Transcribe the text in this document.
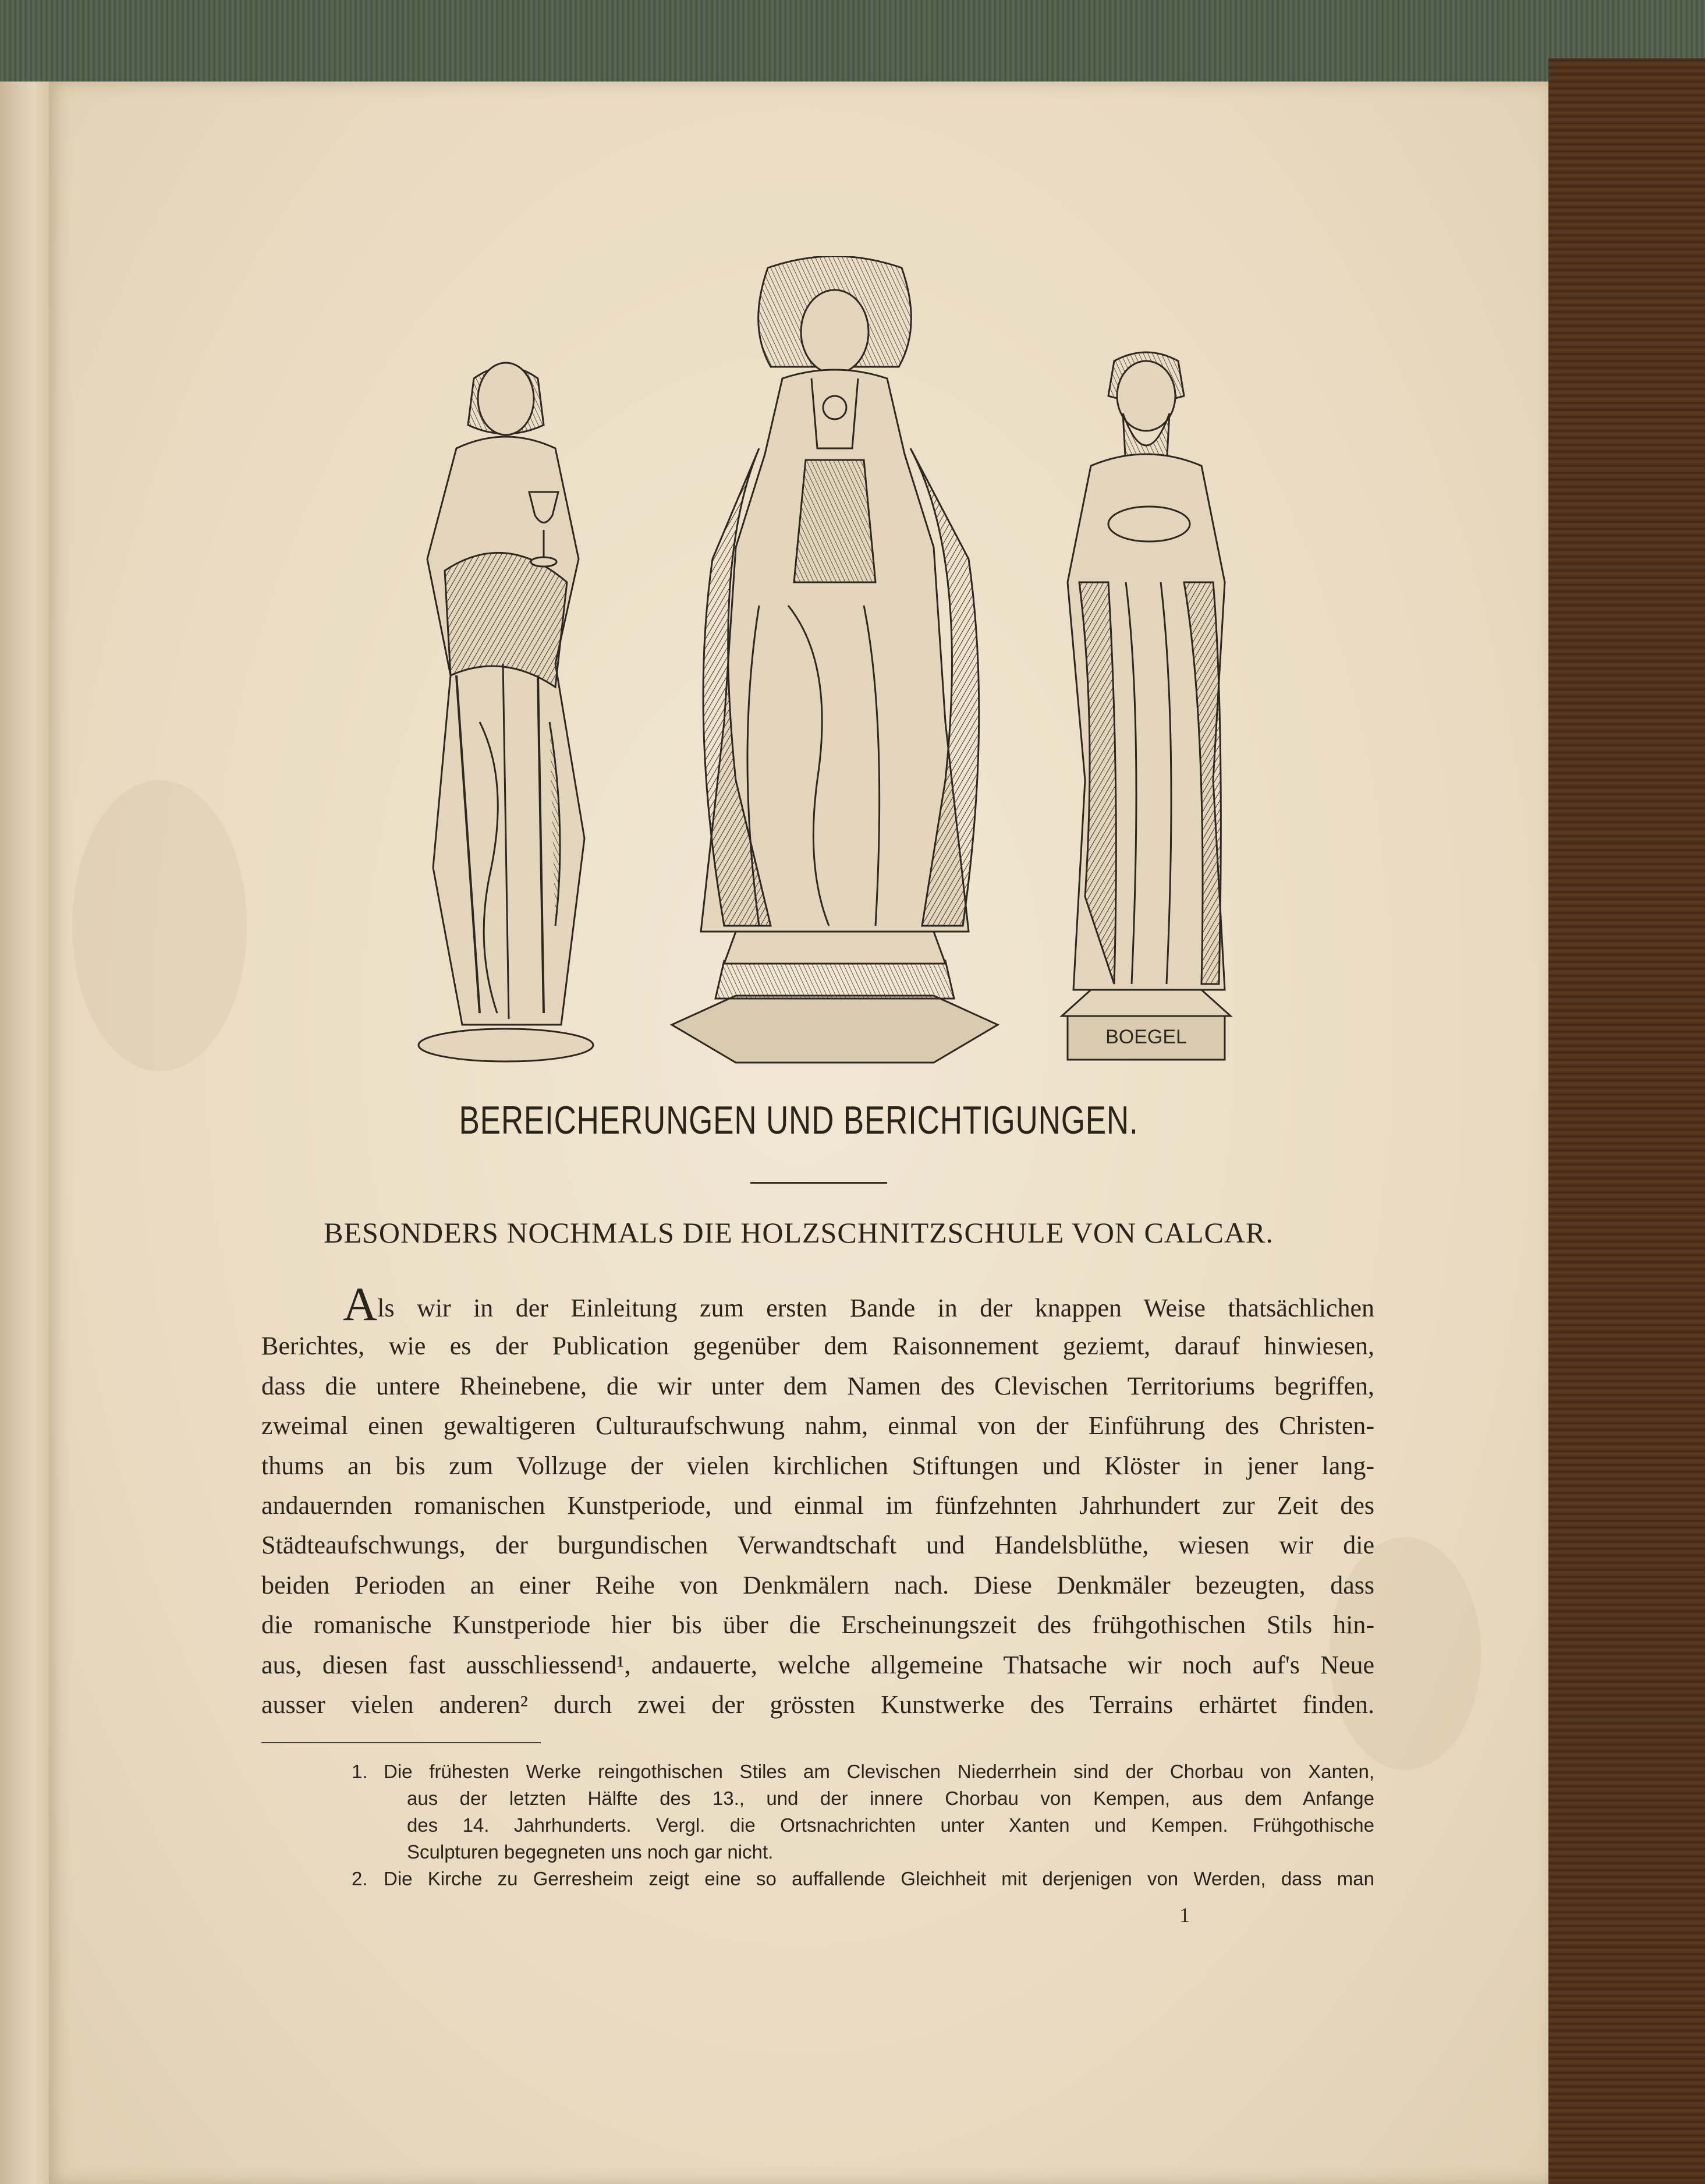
BOEGEL
BEREICHERUNGEN UND BERICHTIGUNGEN.
BESONDERS NOCHMALS DIE HOLZSCHNITZSCHULE VON CALCAR.
Als wir in der Einleitung zum ersten Bande in der knappen Weise thatsächlichen
Berichtes, wie es der Publication gegenüber dem Raisonnement geziemt, darauf hinwiesen,
dass die untere Rheinebene, die wir unter dem Namen des Clevischen Territoriums begriffen,
zweimal einen gewaltigeren Culturaufschwung nahm, einmal von der Einführung des Christen-
thums an bis zum Vollzuge der vielen kirchlichen Stiftungen und Klöster in jener lang-
andauernden romanischen Kunstperiode, und einmal im fünfzehnten Jahrhundert zur Zeit des
Städteaufschwungs, der burgundischen Verwandtschaft und Handelsblüthe, wiesen wir die
beiden Perioden an einer Reihe von Denkmälern nach. Diese Denkmäler bezeugten, dass
die romanische Kunstperiode hier bis über die Erscheinungszeit des frühgothischen Stils hin-
aus, diesen fast ausschliessend¹, andauerte, welche allgemeine Thatsache wir noch auf's Neue
ausser vielen anderen² durch zwei der grössten Kunstwerke des Terrains erhärtet finden.
1. Die frühesten Werke reingothischen Stiles am Clevischen Niederrhein sind der Chorbau von Xanten,
aus der letzten Hälfte des 13., und der innere Chorbau von Kempen, aus dem Anfange
des 14. Jahrhunderts. Vergl. die Ortsnachrichten unter Xanten und Kempen. Frühgothische
Sculpturen begegneten uns noch gar nicht.
2. Die Kirche zu Gerresheim zeigt eine so auffallende Gleichheit mit derjenigen von Werden, dass man
1
